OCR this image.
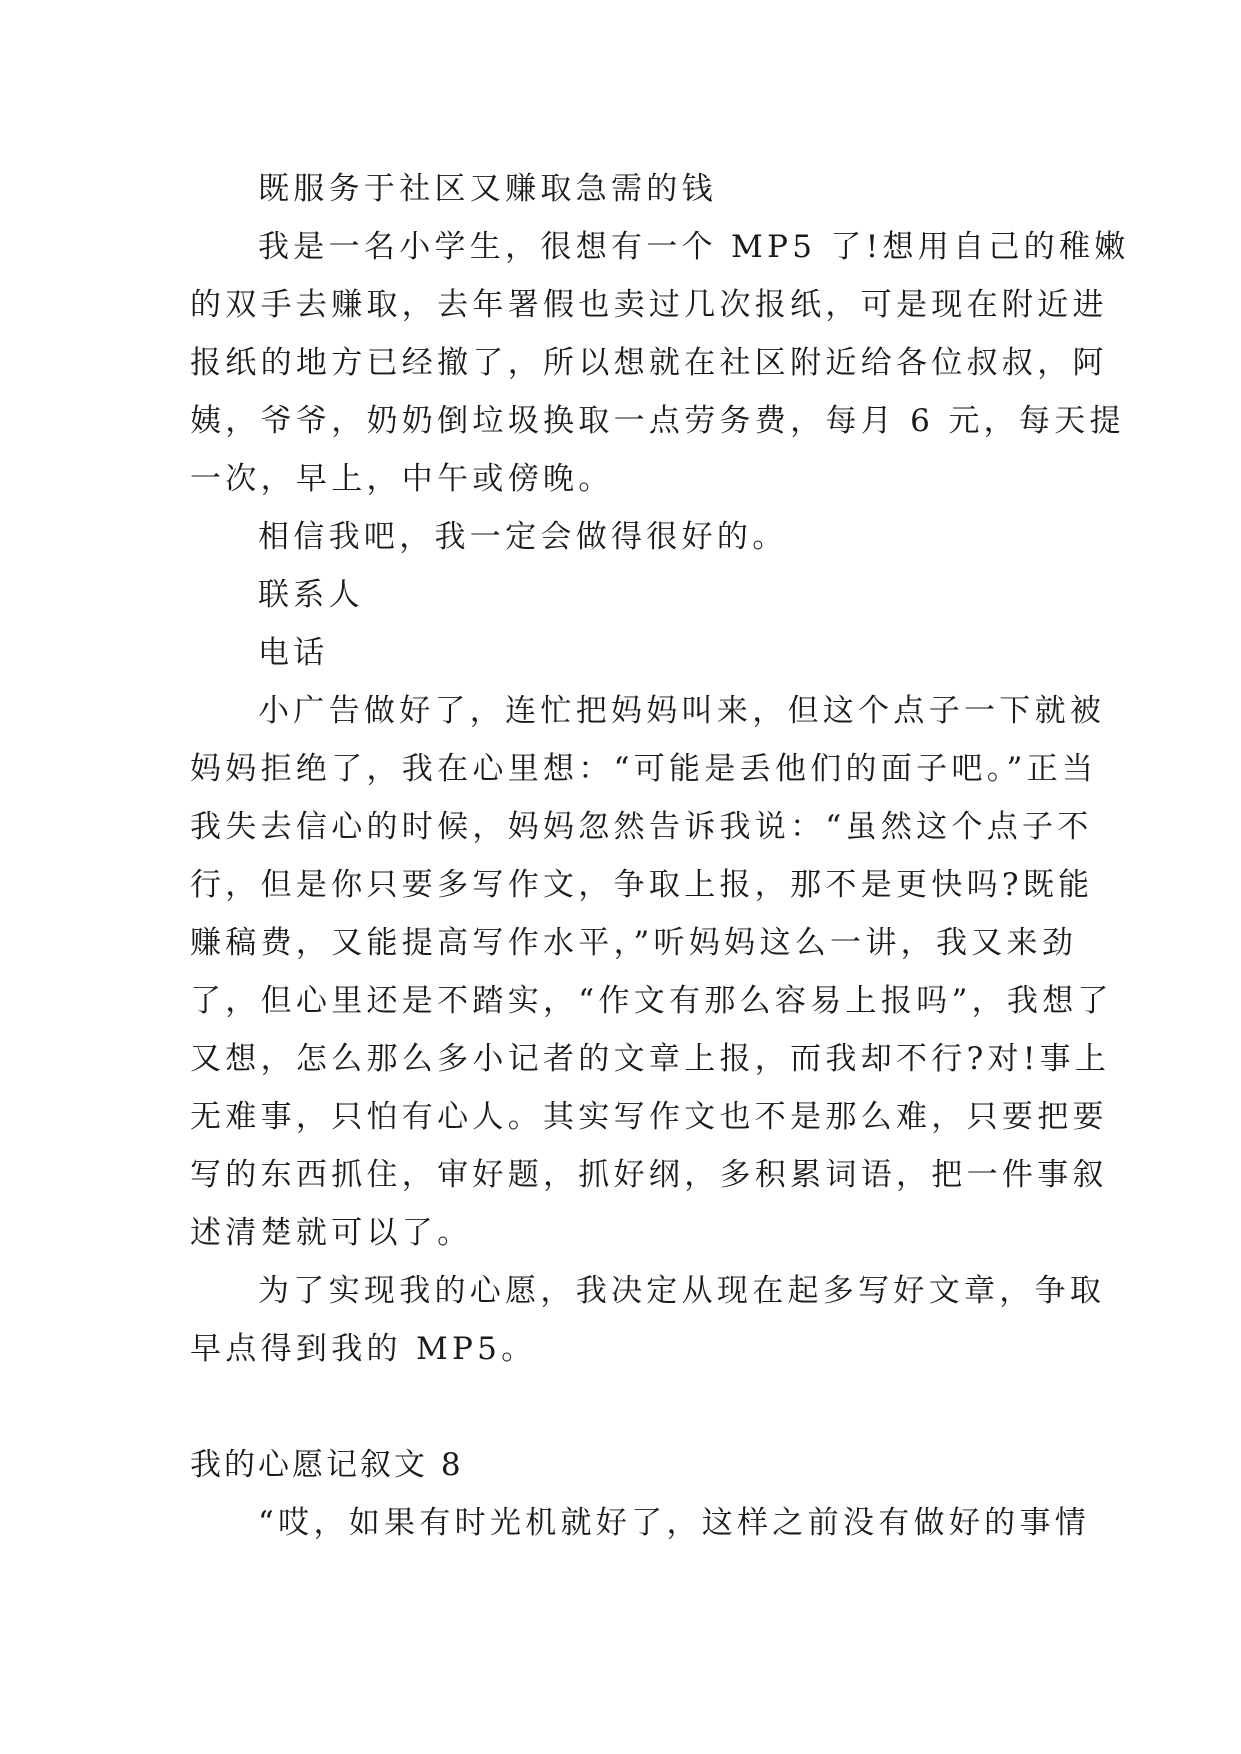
既服务于社区又赚取急需的钱
我是一名小学生，很想有一个 MP5 了!想用自己的稚嫩
的双手去赚取，去年署假也卖过几次报纸，可是现在附近进
报纸的地方已经撤了，所以想就在社区附近给各位叔叔，阿
姨，爷爷，奶奶倒垃圾换取一点劳务费，每月 6 元，每天提
一次，早上，中午或傍晚。
相信我吧，我一定会做得很好的。
联系人
电话
小广告做好了，连忙把妈妈叫来，但这个点子一下就被
妈妈拒绝了，我在心里想：“可能是丢他们的面子吧。”正当
我失去信心的时候，妈妈忽然告诉我说：“虽然这个点子不
行，但是你只要多写作文，争取上报，那不是更快吗?既能
赚稿费，又能提高写作水平，”听妈妈这么一讲，我又来劲
了，但心里还是不踏实，“作文有那么容易上报吗”，我想了
又想，怎么那么多小记者的文章上报，而我却不行?对!事上
无难事，只怕有心人。其实写作文也不是那么难，只要把要
写的东西抓住，审好题，抓好纲，多积累词语，把一件事叙
述清楚就可以了。
为了实现我的心愿，我决定从现在起多写好文章，争取
早点得到我的 MP5。
我的心愿记叙文 8
“哎，如果有时光机就好了，这样之前没有做好的事情
